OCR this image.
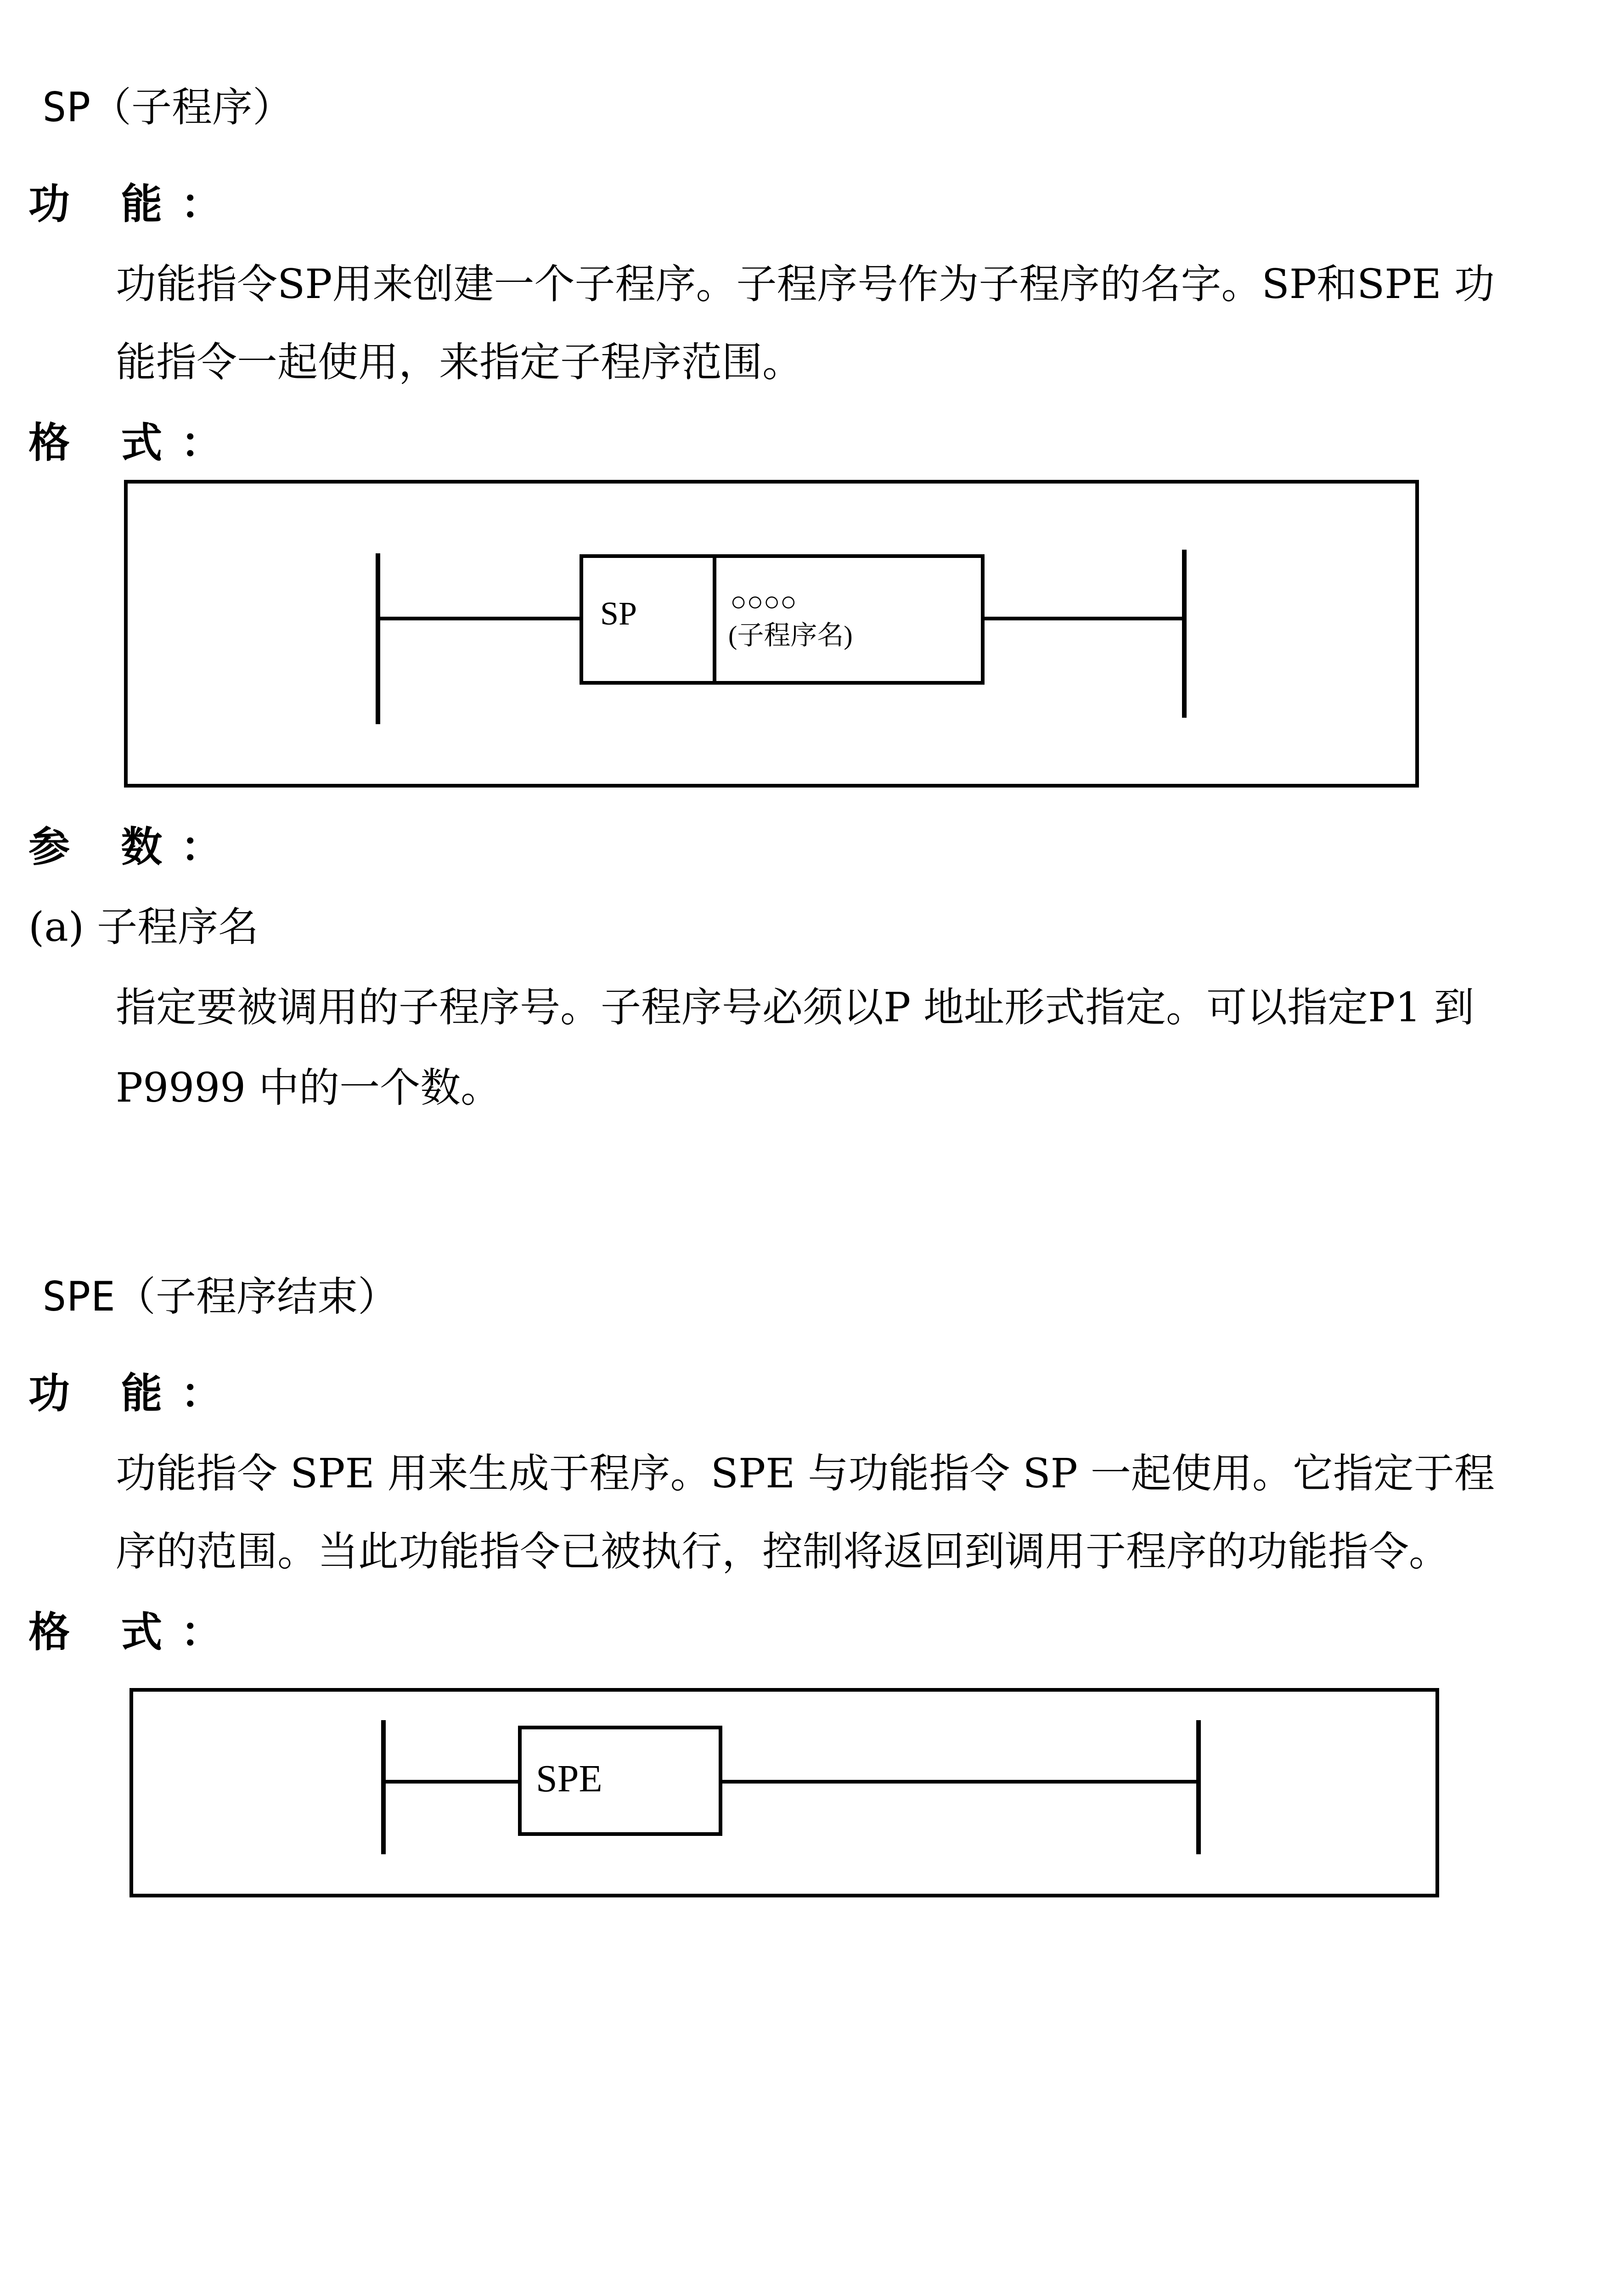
SP（子程序）
功 能：
功能指令SP用来创建一个子程序。子程序号作为子程序的名字。SP和SPE 功
能指令一起使用，来指定子程序范围。
格 式：
SP	○○○○
(子程序名)
参 数：
(a) 子程序名
指定要被调用的子程序号。子程序号必须以P 地址形式指定。可以指定P1 到
P9999 中的一个数。
SPE（子程序结束）
功 能：
功能指令 SPE 用来生成于程序。SPE 与功能指令 SP 一起使用。它指定于程
序的范围。当此功能指令已被执行，控制将返回到调用于程序的功能指令。
格 式：
SPE
